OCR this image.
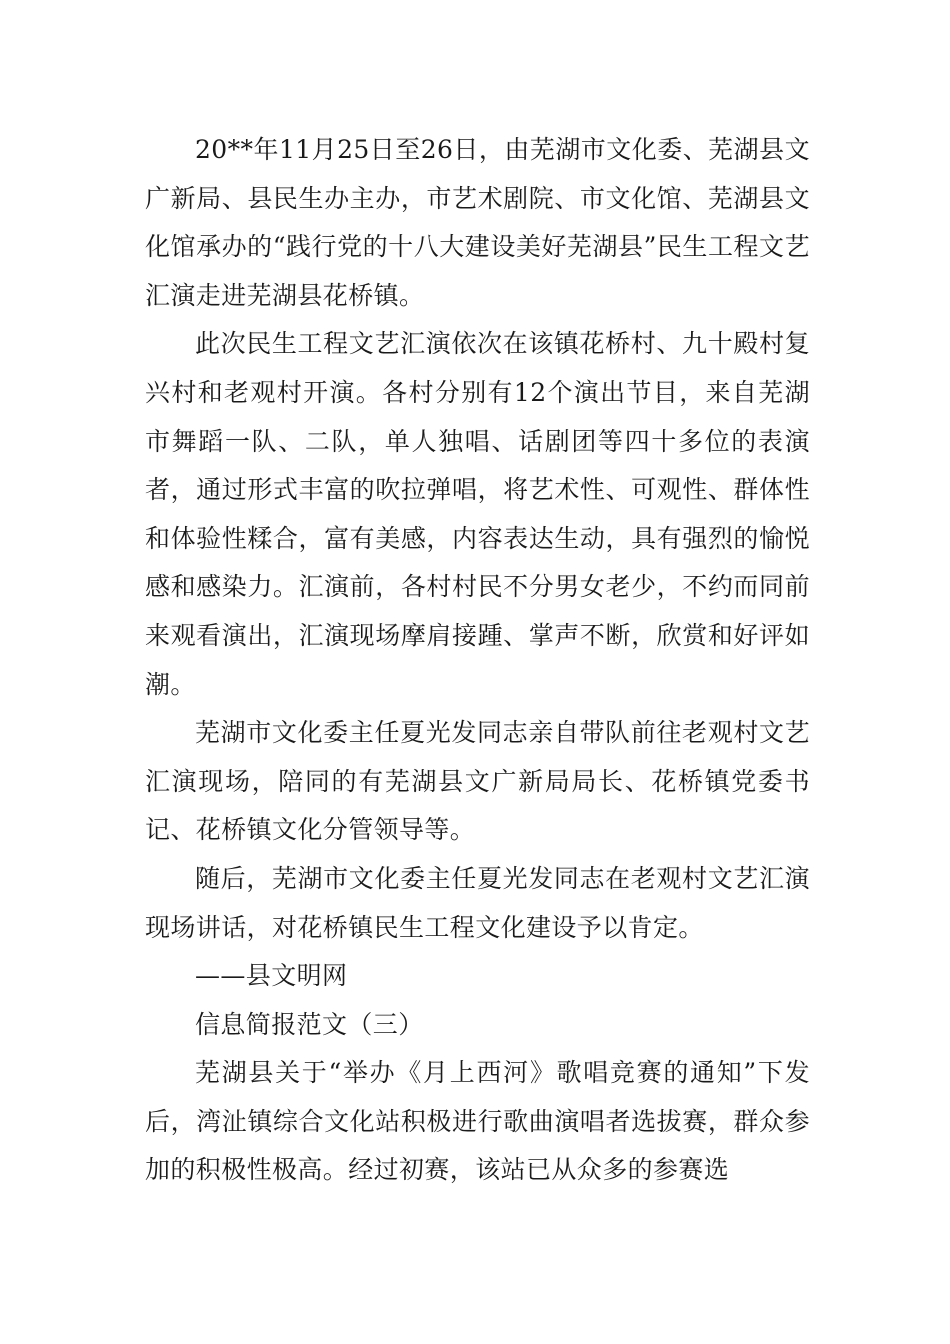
20**年11月25日至26日，由芜湖市文化委、芜湖县文广新局、县民生办主办，市艺术剧院、市文化馆、芜湖县文化馆承办的“践行党的十八大建设美好芜湖县”民生工程文艺汇演走进芜湖县花桥镇。

此次民生工程文艺汇演依次在该镇花桥村、九十殿村复兴村和老观村开演。各村分别有12个演出节目，来自芜湖市舞蹈一队、二队，单人独唱、话剧团等四十多位的表演者，通过形式丰富的吹拉弹唱，将艺术性、可观性、群体性和体验性糅合，富有美感，内容表达生动，具有强烈的愉悦感和感染力。汇演前，各村村民不分男女老少，不约而同前来观看演出，汇演现场摩肩接踵、掌声不断，欣赏和好评如潮。

芜湖市文化委主任夏光发同志亲自带队前往老观村文艺汇演现场，陪同的有芜湖县文广新局局长、花桥镇党委书记、花桥镇文化分管领导等。

随后，芜湖市文化委主任夏光发同志在老观村文艺汇演现场讲话，对花桥镇民生工程文化建设予以肯定。

——县文明网

信息简报范文（三）

芜湖县关于“举办《月上西河》歌唱竞赛的通知”下发后，湾沚镇综合文化站积极进行歌曲演唱者选拔赛，群众参加的积极性极高。经过初赛，该站已从众多的参赛选
